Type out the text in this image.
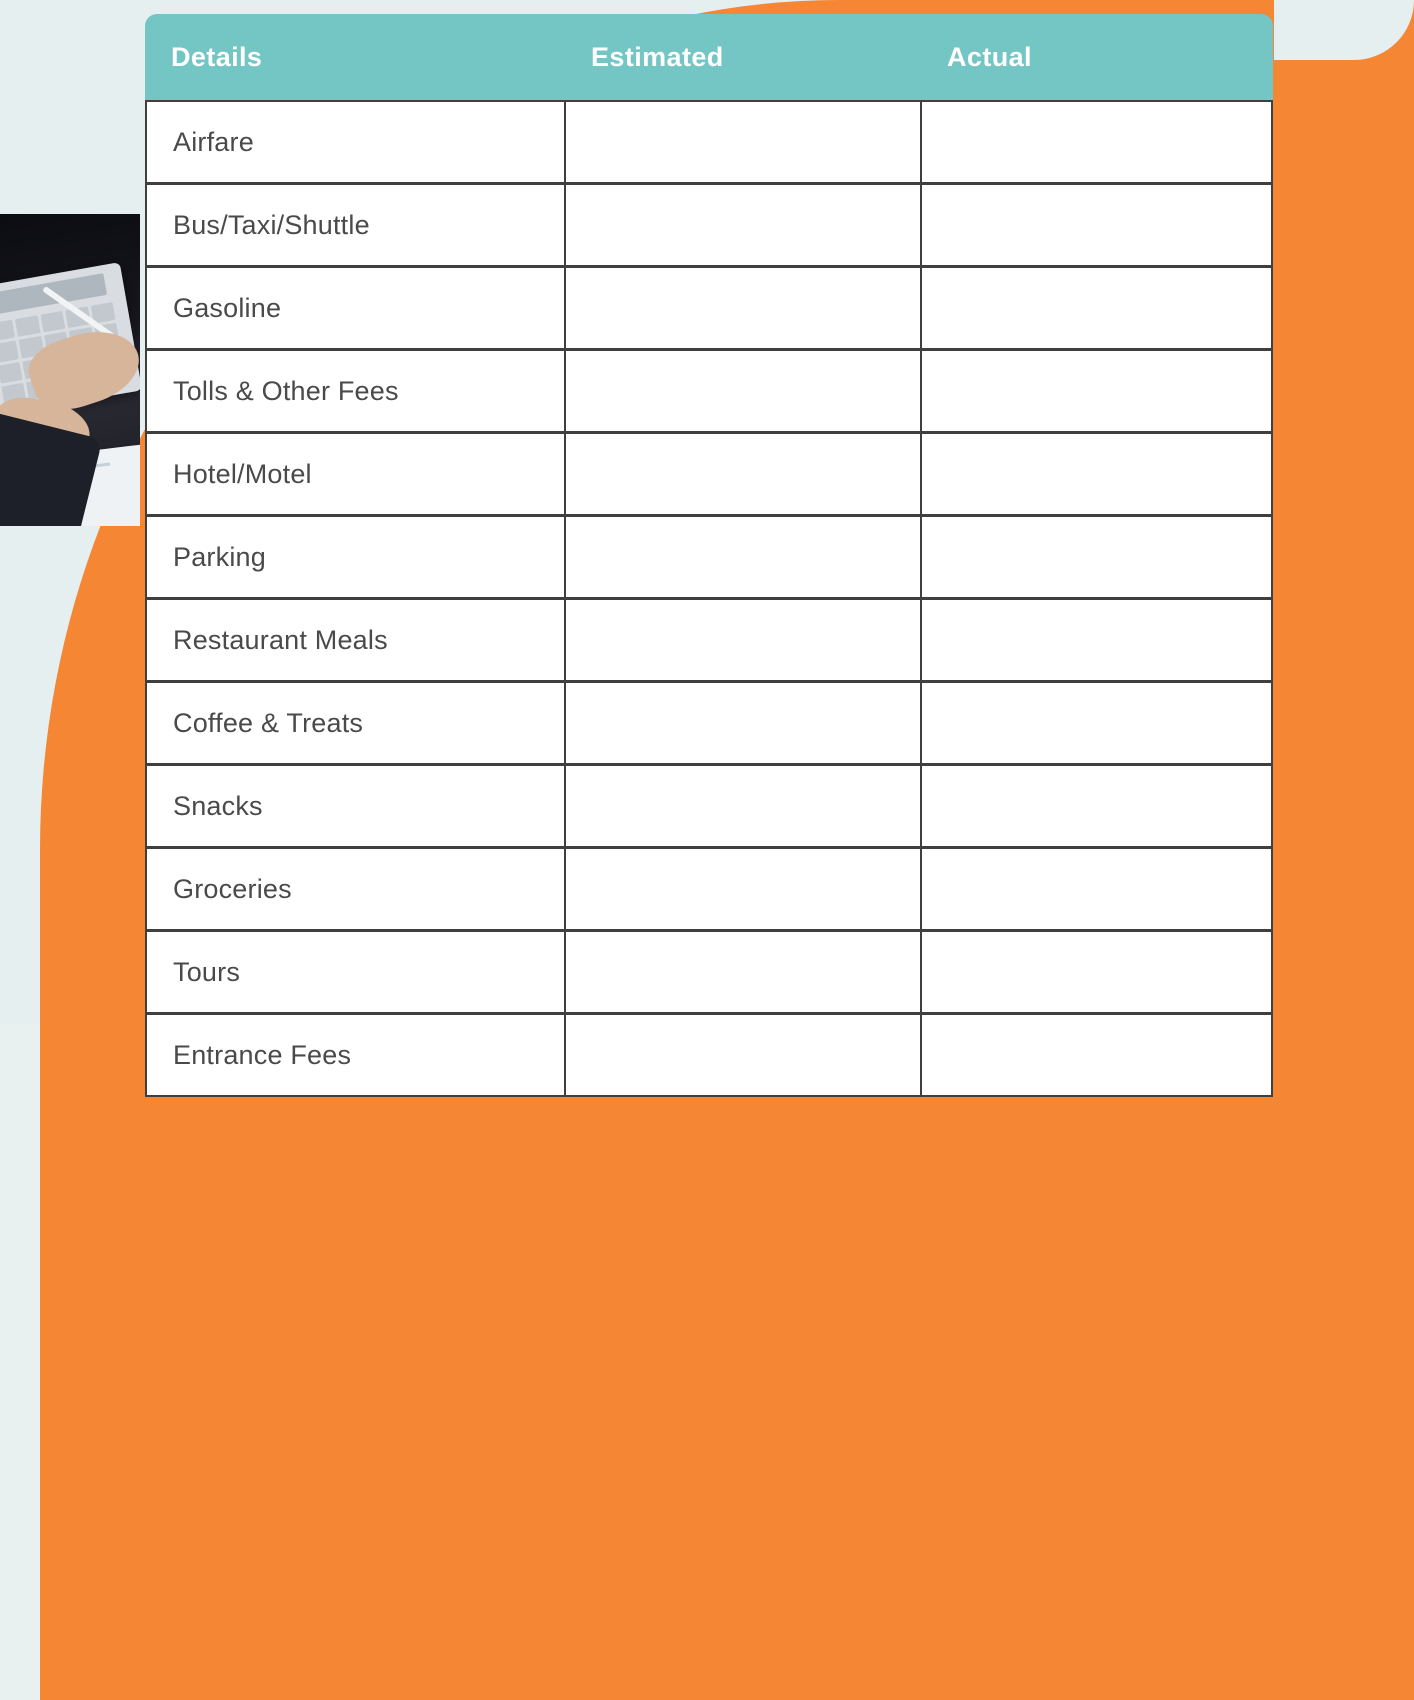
Details	Estimated	Actual
Airfare		
Bus/Taxi/Shuttle		
Gasoline		
Tolls & Other Fees		
Hotel/Motel		
Parking		
Restaurant Meals		
Coffee & Treats		
Snacks		
Groceries		
Tours		
Entrance Fees		
